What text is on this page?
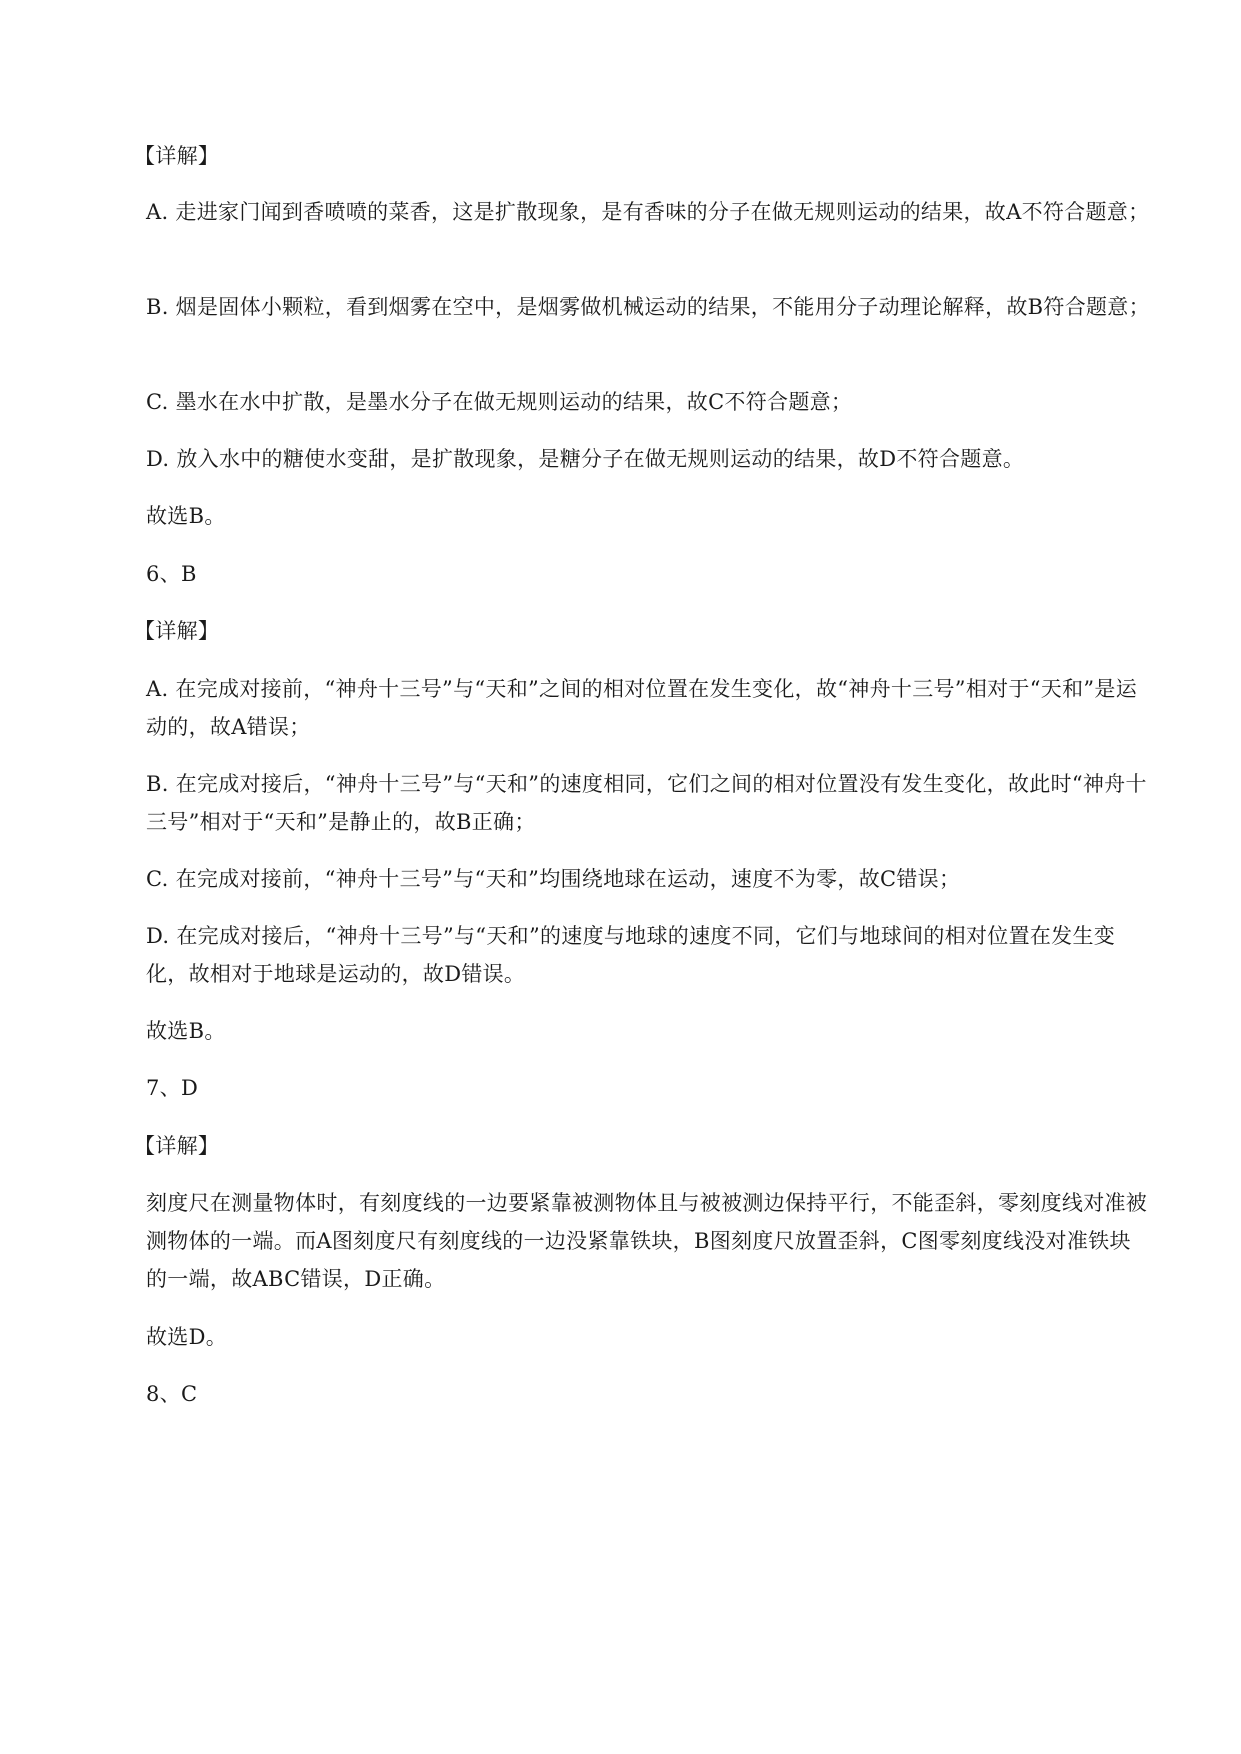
【详解】

A. 走进家门闻到香喷喷的菜香，这是扩散现象，是有香味的分子在做无规则运动的结果，故A不符合题意；

B. 烟是固体小颗粒，看到烟雾在空中，是烟雾做机械运动的结果，不能用分子动理论解释，故B符合题意；

C. 墨水在水中扩散，是墨水分子在做无规则运动的结果，故C不符合题意；

D. 放入水中的糖使水变甜，是扩散现象，是糖分子在做无规则运动的结果，故D不符合题意。

故选B。

6、B

【详解】

A. 在完成对接前，“神舟十三号”与“天和”之间的相对位置在发生变化，故“神舟十三号”相对于“天和”是运动的，故A错误；

B. 在完成对接后，“神舟十三号”与“天和”的速度相同，它们之间的相对位置没有发生变化，故此时“神舟十三号”相对于“天和”是静止的，故B正确；

C. 在完成对接前，“神舟十三号”与“天和”均围绕地球在运动，速度不为零，故C错误；

D. 在完成对接后，“神舟十三号”与“天和”的速度与地球的速度不同，它们与地球间的相对位置在发生变化，故相对于地球是运动的，故D错误。

故选B。

7、D

【详解】

刻度尺在测量物体时，有刻度线的一边要紧靠被测物体且与被被测边保持平行，不能歪斜，零刻度线对准被测物体的一端。而A图刻度尺有刻度线的一边没紧靠铁块，B图刻度尺放置歪斜，C图零刻度线没对准铁块的一端，故ABC错误，D正确。

故选D。

8、C
